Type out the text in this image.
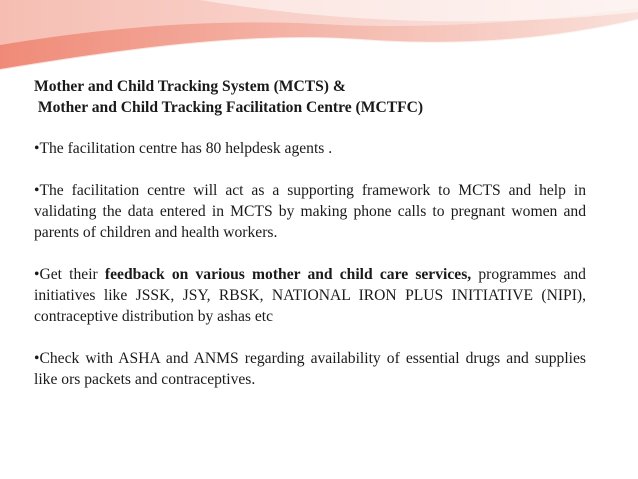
Mother and Child Tracking System (MCTS) &
Mother and Child Tracking Facilitation Centre (MCTFC)

•The facilitation centre has 80 helpdesk agents .

•The facilitation centre will act as a supporting framework to MCTS and help in validating the data entered in MCTS by making phone calls to pregnant women and parents of children and health workers.

•Get their feedback on various mother and child care services, programmes and initiatives like JSSK, JSY, RBSK, NATIONAL IRON PLUS INITIATIVE (NIPI), contraceptive distribution by ashas etc

•Check with ASHA and ANMS regarding availability of essential drugs and supplies like ors packets and contraceptives.
